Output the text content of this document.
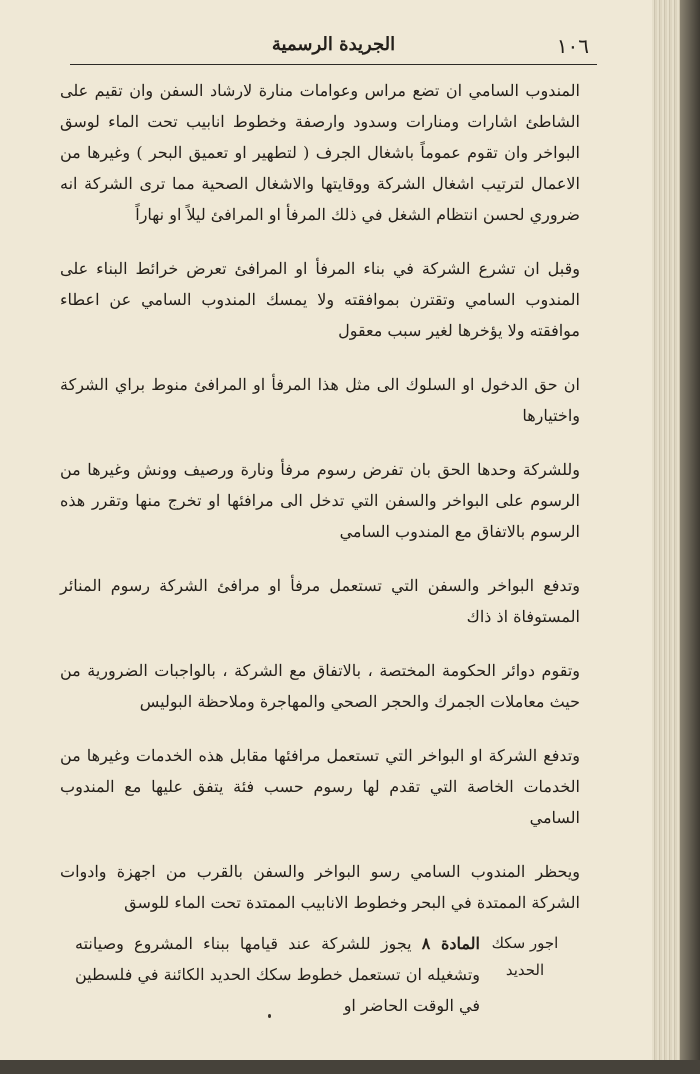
الجريدة الرسمية	١٠٦

المندوب السامي ان تضع مراس وعوامات منارة لارشاد السفن وان تقيم على الشاطئ اشارات ومنارات وسدود وارصفة وخطوط انابيب تحت الماء لوسق البواخر وان تقوم عموماً باشغال الجرف ( لتطهير او تعميق البحر ) وغيرها من الاعمال لترتيب اشغال الشركة ووقايتها والاشغال الصحية مما ترى الشركة انه ضروري لحسن انتظام الشغل في ذلك المرفأ او المرافئ ليلاً او نهاراً

وقبل ان تشرع الشركة في بناء المرفأ او المرافئ تعرض خرائط البناء على المندوب السامي وتقترن بموافقته ولا يمسك المندوب السامي عن اعطاء موافقته ولا يؤخرها لغير سبب معقول

ان حق الدخول او السلوك الى مثل هذا المرفأ او المرافئ منوط براي الشركة واختيارها

وللشركة وحدها الحق بان تفرض رسوم مرفأ ونارة ورصيف وونش وغيرها من الرسوم على البواخر والسفن التي تدخل الى مرافئها او تخرج منها وتقرر هذه الرسوم بالاتفاق مع المندوب السامي

وتدفع البواخر والسفن التي تستعمل مرفأ او مرافئ الشركة رسوم المنائر المستوفاة اذ ذاك

وتقوم دوائر الحكومة المختصة ، بالاتفاق مع الشركة ، بالواجبات الضرورية من حيث معاملات الجمرك والحجر الصحي والمهاجرة وملاحظة البوليس

وتدفع الشركة او البواخر التي تستعمل مرافئها مقابل هذه الخدمات وغيرها من الخدمات الخاصة التي تقدم لها رسوم حسب فئة يتفق عليها مع المندوب السامي

ويحظر المندوب السامي رسو البواخر والسفن بالقرب من اجهزة وادوات الشركة الممتدة في البحر وخطوط الانابيب الممتدة تحت الماء للوسق

اجور سكك
الحديد
المادة ٨ يجوز للشركة عند قيامها ببناء المشروع وصيانته وتشغيله ان تستعمل خطوط سكك الحديد الكائنة في فلسطين في الوقت الحاضر او
